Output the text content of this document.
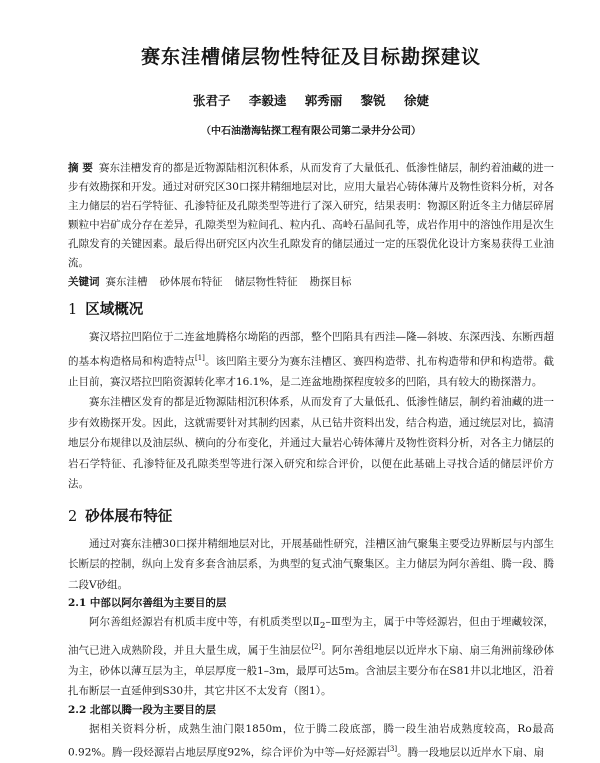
赛东洼槽储层物性特征及目标勘探建议
张君子 李毅逵 郭秀丽 黎锐 徐婕
（中石油渤海钻探工程有限公司第二录井分公司）

摘 要 赛东洼槽发育的都是近物源陆相沉积体系，从而发育了大量低孔、低渗性储层，制约着油藏的进一步有效勘探和开发。通过对研究区30口探井精细地层对比，应用大量岩心铸体薄片及物性资料分析，对各主力储层的岩石学特征、孔渗特征及孔隙类型等进行了深入研究，结果表明：物源区附近冬主力储层碎屑颗粒中岩矿成分存在差异，孔隙类型为粒间孔、粒内孔、高岭石晶间孔等，成岩作用中的溶蚀作用是次生孔隙发育的关键因素。最后得出研究区内次生孔隙发育的储层通过一定的压裂优化设计方案易获得工业油流。

关键词 赛东洼槽 砂体展布特征 储层物性特征 勘探目标

1 区域概况

赛汉塔拉凹陷位于二连盆地腾格尔坳陷的西部，整个凹陷具有西洼—隆—斜坡、东深西浅、东断西超的基本构造格局和构造特点[1]。该凹陷主要分为赛东洼槽区、赛四构造带、扎布构造带和伊和构造带。截止目前，赛汉塔拉凹陷资源转化率才16.1%，是二连盆地勘探程度较多的凹陷，具有较大的勘探潜力。

赛东洼槽区发育的都是近物源陆相沉积体系，从而发育了大量低孔、低渗性储层，制约着油藏的进一步有效勘探开发。因此，这就需要针对其制约因素，从已钻井资料出发，结合构造，通过统层对比，搞清地层分布规律以及油层纵、横向的分布变化，并通过大量岩心铸体薄片及物性资料分析，对各主力储层的岩石学特征、孔渗特征及孔隙类型等进行深入研究和综合评价，以便在此基础上寻找合适的储层评价方法。

2 砂体展布特征

通过对赛东洼槽30口探井精细地层对比，开展基础性研究，洼槽区油气聚集主要受边界断层与内部生长断层的控制，纵向上发育多套含油层系，为典型的复式油气聚集区。主力储层为阿尔善组、腾一段、腾二段V砂组。

2.1 中部以阿尔善组为主要目的层

阿尔善组烃源岩有机质丰度中等，有机质类型以$Ⅱ_2-Ⅲ$型为主，属于中等烃源岩，但由于埋藏较深，油气已进入成熟阶段，并且大量生成，属于生油层位[2]。阿尔善组地层以近岸水下扇、扇三角洲前缘砂体为主，砂体以薄互层为主，单层厚度一般1–3m，最厚可达5m。含油层主要分布在S81井以北地区，沿着扎布断层一直延伸到S30井，其它井区不太发育（图1）。

2.2 北部以腾一段为主要目的层

据相关资料分析，成熟生油门限1850m，位于腾二段底部，腾一段生油岩成熟度较高，Ro最高0.92%。腾一段烃源岩占地层厚度92%，综合评价为中等—好烃源岩[3]。腾一段地层以近岸水下扇、扇
